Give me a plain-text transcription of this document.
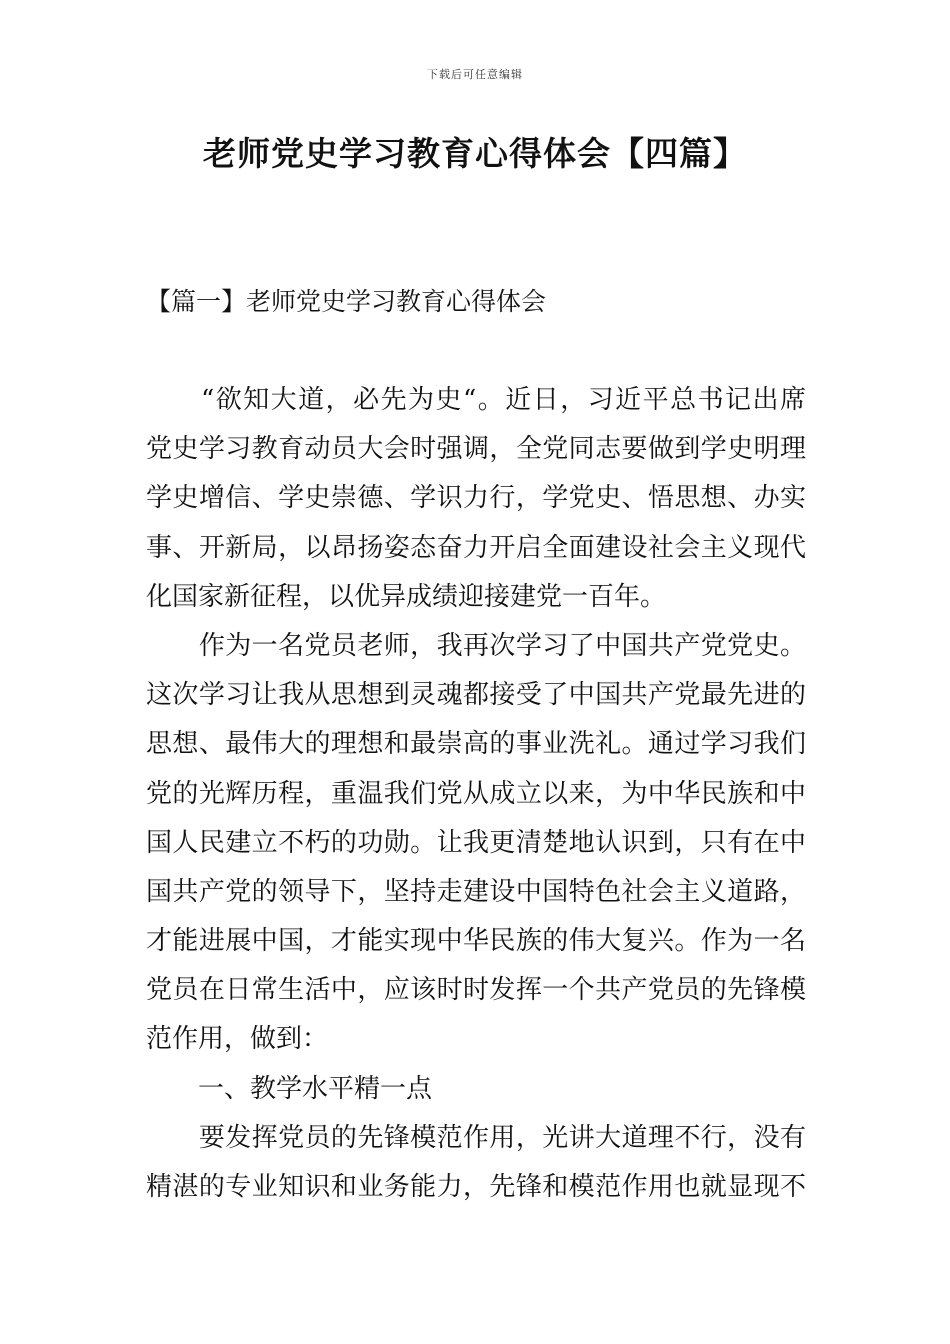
下载后可任意编辑
老师党史学习教育心得体会【四篇】
【篇一】老师党史学习教育心得体会
　　“欲知大道，必先为史“。近日，习近平总书记出席
党史学习教育动员大会时强调，全党同志要做到学史明理
学史增信、学史崇德、学识力行，学党史、悟思想、办实
事、开新局，以昂扬姿态奋力开启全面建设社会主义现代
化国家新征程，以优异成绩迎接建党一百年。
　　作为一名党员老师，我再次学习了中国共产党党史。
这次学习让我从思想到灵魂都接受了中国共产党最先进的
思想、最伟大的理想和最崇高的事业洗礼。通过学习我们
党的光辉历程，重温我们党从成立以来，为中华民族和中
国人民建立不朽的功勋。让我更清楚地认识到，只有在中
国共产党的领导下，坚持走建设中国特色社会主义道路，
才能进展中国，才能实现中华民族的伟大复兴。作为一名
党员在日常生活中，应该时时发挥一个共产党员的先锋模
范作用，做到：
　　一、教学水平精一点
　　要发挥党员的先锋模范作用，光讲大道理不行，没有
精湛的专业知识和业务能力，先锋和模范作用也就显现不
